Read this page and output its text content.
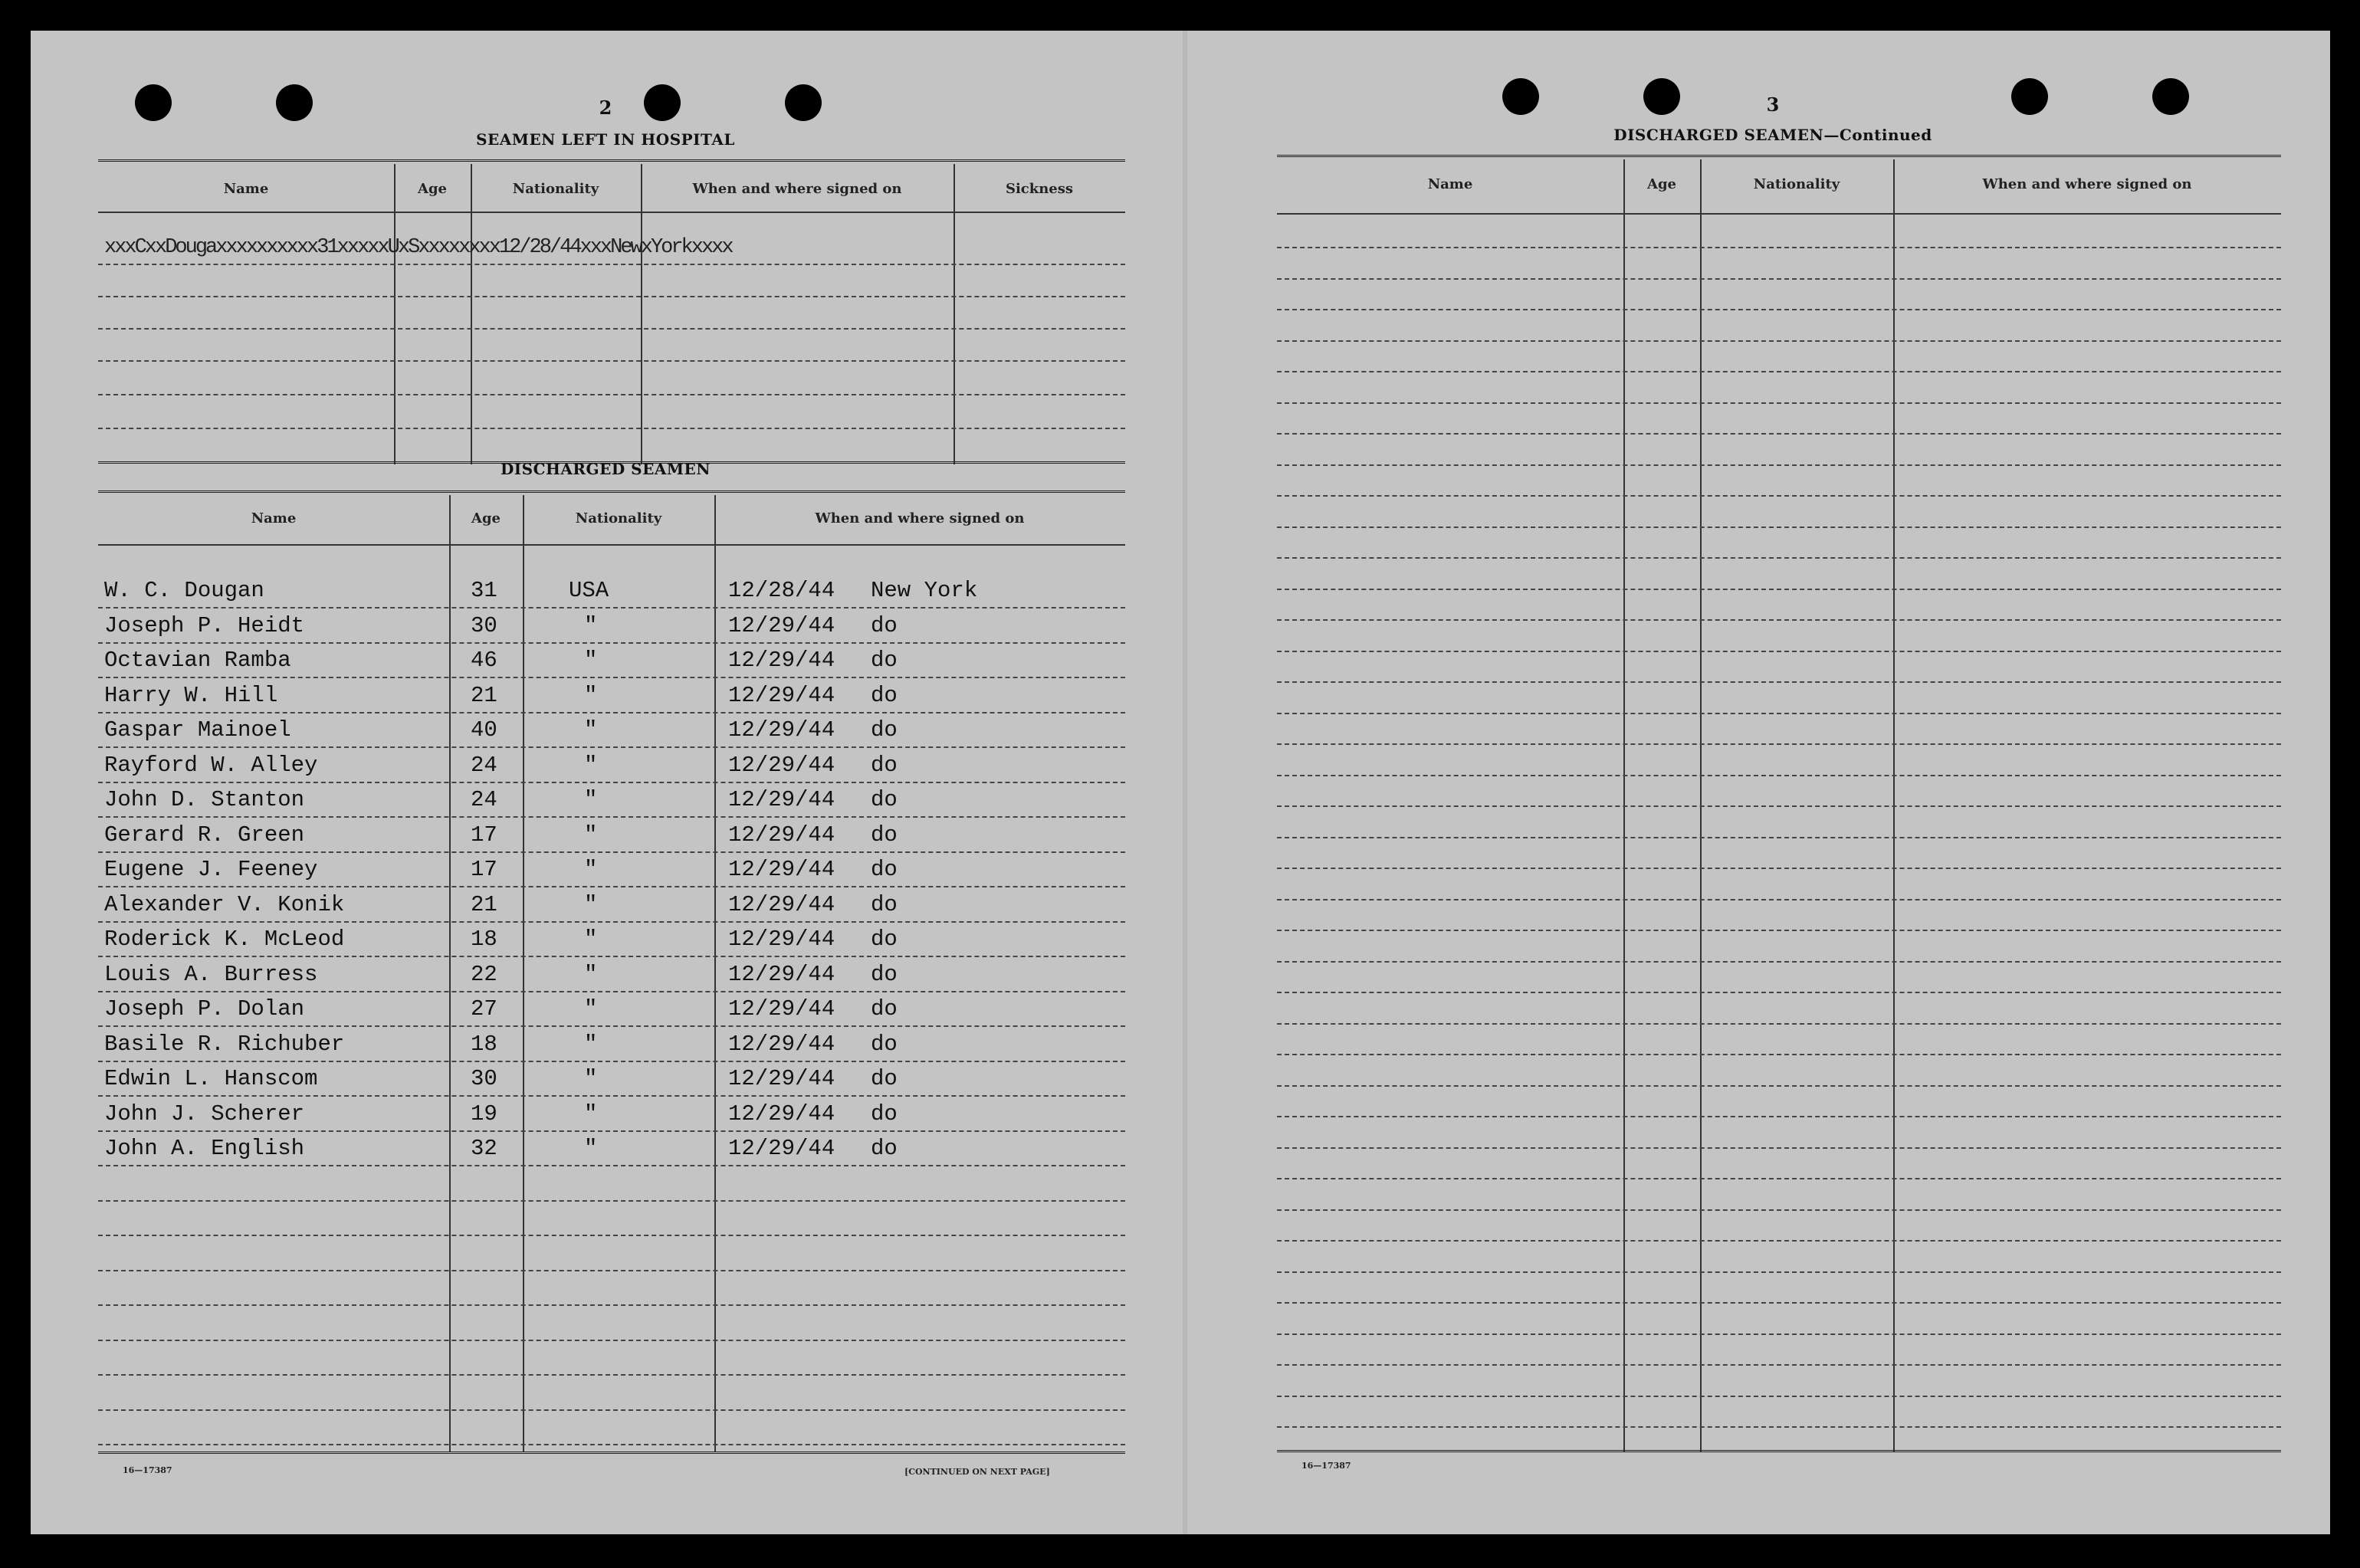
2
SEAMEN LEFT IN HOSPITAL
Name	Age	Nationality	When and where signed on	Sickness
xxxCxxDougaxxxxxxxxxx31xxxxxUxSxxxxxxxx12/28/44xxxNewxYorkxxxx
DISCHARGED SEAMEN
Name	Age	Nationality	When and where signed on
W. C. Dougan	31	USA	12/28/44 New York
Joseph P. Heidt	30	"	12/29/44 do
Octavian Ramba	46	"	12/29/44 do
Harry W. Hill	21	"	12/29/44 do
Gaspar Mainoel	40	"	12/29/44 do
Rayford W. Alley	24	"	12/29/44 do
John D. Stanton	24	"	12/29/44 do
Gerard R. Green	17	"	12/29/44 do
Eugene J. Feeney	17	"	12/29/44 do
Alexander V. Konik	21	"	12/29/44 do
Roderick K. McLeod	18	"	12/29/44 do
Louis A. Burress	22	"	12/29/44 do
Joseph P. Dolan	27	"	12/29/44 do
Basile R. Richuber	18	"	12/29/44 do
Edwin L. Hanscom	30	"	12/29/44 do
John J. Scherer	19	"	12/29/44 do
John A. English	32	"	12/29/44 do
16—17387	[CONTINUED ON NEXT PAGE]
3
DISCHARGED SEAMEN—Continued
Name	Age	Nationality	When and where signed on
16—17387
